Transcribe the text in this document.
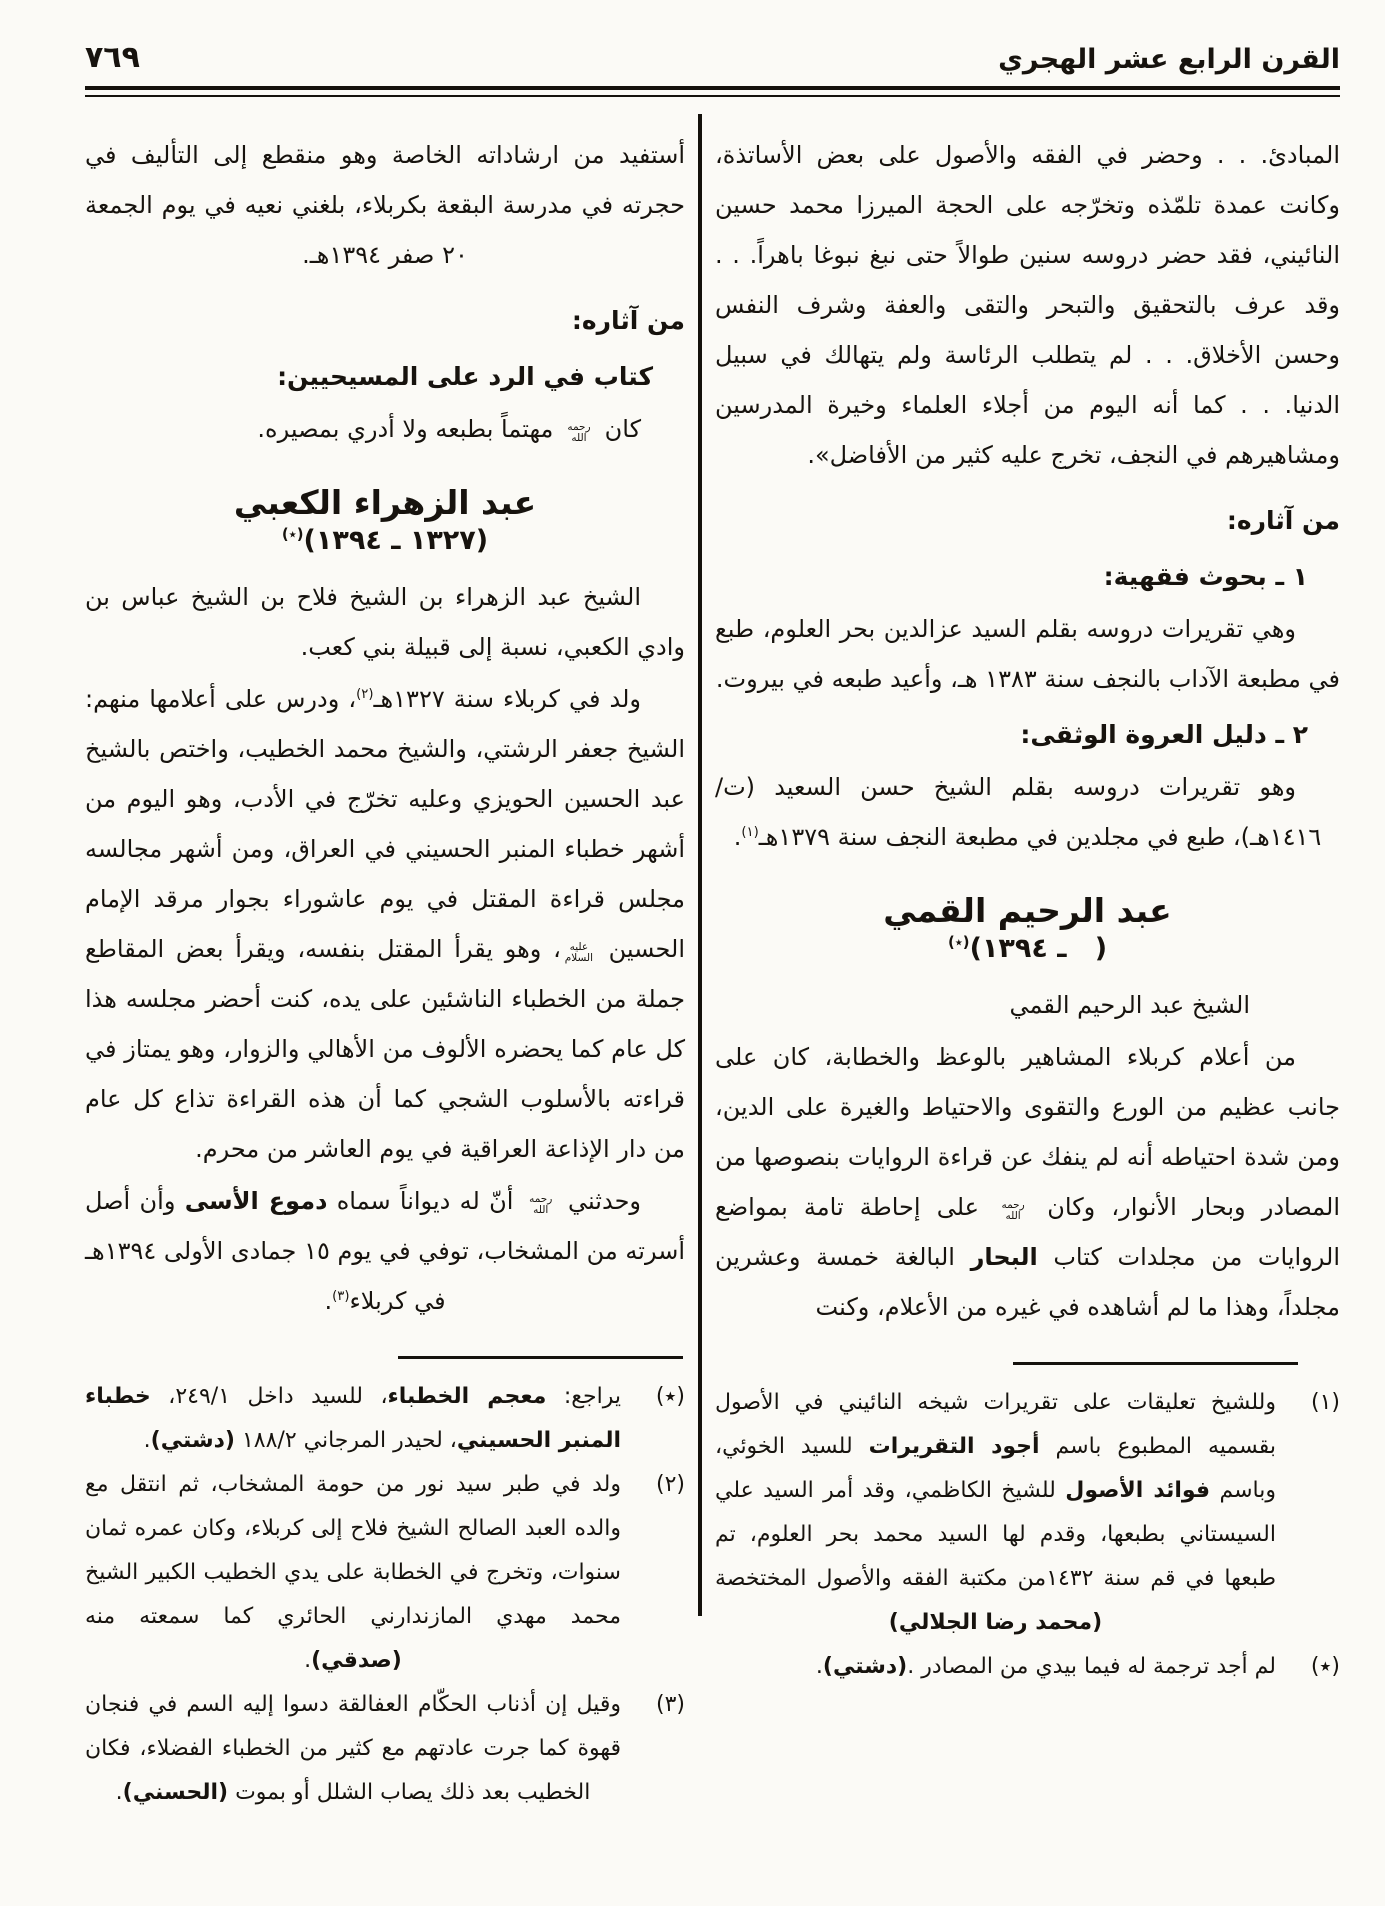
القرن الرابع عشر الهجري
٧٦٩
المبادئ. . . وحضر في الفقه والأصول على بعض الأساتذة، وكانت عمدة تلمّذه وتخرّجه على الحجة الميرزا محمد حسين النائيني، فقد حضر دروسه سنين طوالاً حتى نبغ نبوغا باهراً. . . وقد عرف بالتحقيق والتبحر والتقى والعفة وشرف النفس وحسن الأخلاق. . . لم يتطلب الرئاسة ولم يتهالك في سبيل الدنيا. . . كما أنه اليوم من أجلاء العلماء وخيرة المدرسين ومشاهيرهم في النجف، تخرج عليه كثير من الأفاضل».
من آثاره:
١ ـ بحوث فقهية:
وهي تقريرات دروسه بقلم السيد عزالدين بحر العلوم، طبع في مطبعة الآداب بالنجف سنة ١٣٨٣ هـ، وأعيد طبعه في بيروت.
٢ ـ دليل العروة الوثقى:
وهو تقريرات دروسه بقلم الشيخ حسن السعيد (ت/١٤١٦هـ)، طبع في مجلدين في مطبعة النجف سنة ١٣٧٩هـ$^{(١)}$.
عبد الرحيم القمي
(   ـ ١٣٩٤)(٭)
الشيخ عبد الرحيم القمي
من أعلام كربلاء المشاهير بالوعظ والخطابة، كان على جانب عظيم من الورع والتقوى والاحتياط والغيرة على الدين، ومن شدة احتياطه أنه لم ينفك عن قراءة الروايات بنصوصها من المصادر وبحار الأنوار، وكان رحمه الله على إحاطة تامة بمواضع الروايات من مجلدات كتاب البحار البالغة خمسة وعشرين مجلداً، وهذا ما لم أشاهده في غيره من الأعلام، وكنت
(١)
وللشيخ تعليقات على تقريرات شيخه النائيني في الأصول بقسميه المطبوع باسم أجود التقريرات للسيد الخوئي، وباسم فوائد الأصول للشيخ الكاظمي، وقد أمر السيد علي السيستاني بطبعها، وقدم لها السيد محمد بحر العلوم، تم طبعها في قم سنة ١٤٣٢من مكتبة الفقه والأصول المختخصة (محمد رضا الجلالي)
(٭)
لم أجد ترجمة له فيما بيدي من المصادر .(دشتي).
أستفيد من ارشاداته الخاصة وهو منقطع إلى التأليف في حجرته في مدرسة البقعة بكربلاء، بلغني نعيه في يوم الجمعة ٢٠ صفر ١٣٩٤هـ.
من آثاره:
كتاب في الرد على المسيحيين:
كان رحمه الله مهتماً بطبعه ولا أدري بمصيره.
عبد الزهراء الكعبي
(١٣٢٧ ـ ١٣٩٤)(٭)
الشيخ عبد الزهراء بن الشيخ فلاح بن الشيخ عباس بن وادي الكعبي، نسبة إلى قبيلة بني كعب.
ولد في كربلاء سنة ١٣٢٧هـ$^{(٢)}$، ودرس على أعلامها منهم: الشيخ جعفر الرشتي، والشيخ محمد الخطيب، واختص بالشيخ عبد الحسين الحويزي وعليه تخرّج في الأدب، وهو اليوم من أشهر خطباء المنبر الحسيني في العراق، ومن أشهر مجالسه مجلس قراءة المقتل في يوم عاشوراء بجوار مرقد الإمام الحسين عليه السلام، وهو يقرأ المقتل بنفسه، ويقرأ بعض المقاطع جملة من الخطباء الناشئين على يده، كنت أحضر مجلسه هذا كل عام كما يحضره الألوف من الأهالي والزوار، وهو يمتاز في قراءته بالأسلوب الشجي كما أن هذه القراءة تذاع كل عام من دار الإذاعة العراقية في يوم العاشر من محرم.
وحدثني رحمه الله أنّ له ديواناً سماه دموع الأسى وأن أصل أسرته من المشخاب، توفي في يوم ١٥ جمادى الأولى ١٣٩٤هـ في كربلاء$^{(٣)}$.
(٭)
يراجع: معجم الخطباء، للسيد داخل ٢٤٩/١، خطباء المنبر الحسيني، لحيدر المرجاني ١٨٨/٢ (دشتي).
(٢)
ولد في طبر سيد نور من حومة المشخاب، ثم انتقل مع والده العبد الصالح الشيخ فلاح إلى كربلاء، وكان عمره ثمان سنوات، وتخرج في الخطابة على يدي الخطيب الكبير الشيخ محمد مهدي المازندارني الحائري كما سمعته منه (صدقي).
(٣)
وقيل إن أذناب الحكّام العفالقة دسوا إليه السم في فنجان قهوة كما جرت عادتهم مع كثير من الخطباء الفضلاء، فكان الخطيب بعد ذلك يصاب الشلل أو بموت (الحسني).
